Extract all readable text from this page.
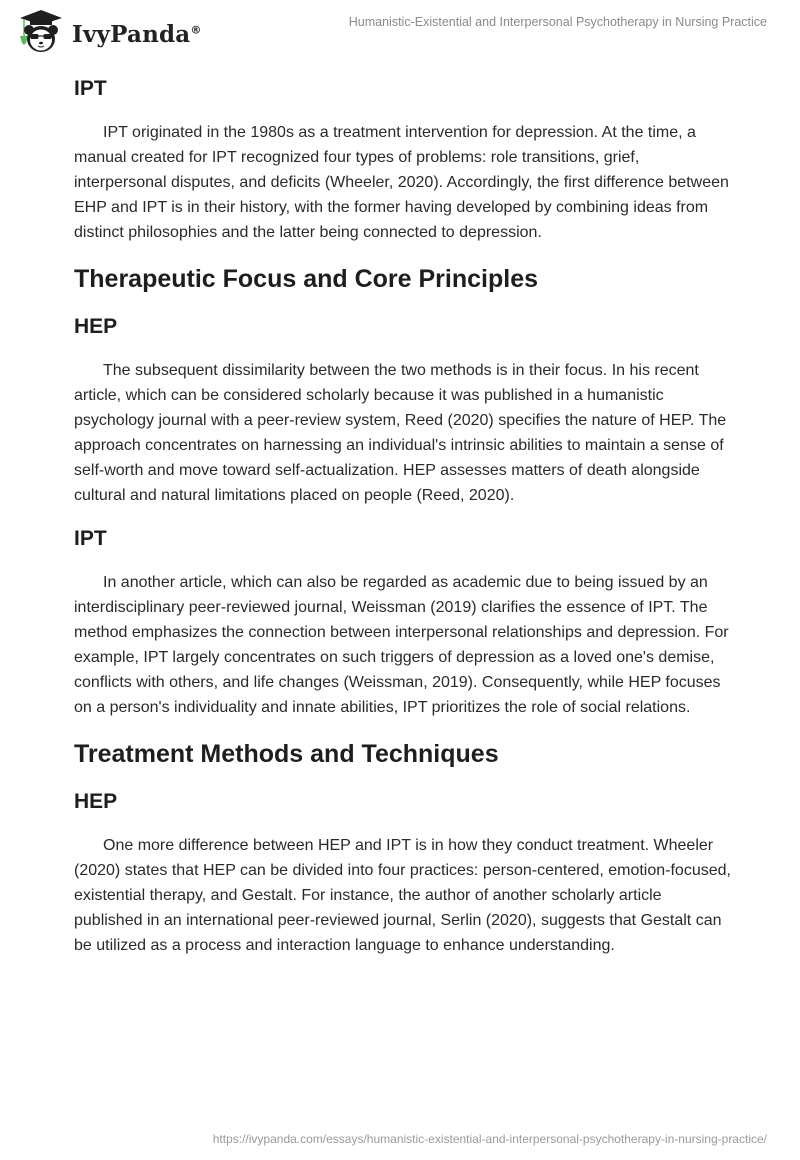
IvyPanda®
Humanistic-Existential and Interpersonal Psychotherapy in Nursing Practice
IPT

IPT originated in the 1980s as a treatment intervention for depression. At the time, a manual created for IPT recognized four types of problems: role transitions, grief, interpersonal disputes, and deficits (Wheeler, 2020). Accordingly, the first difference between EHP and IPT is in their history, with the former having developed by combining ideas from distinct philosophies and the latter being connected to depression.

Therapeutic Focus and Core Principles
HEP

The subsequent dissimilarity between the two methods is in their focus. In his recent article, which can be considered scholarly because it was published in a humanistic psychology journal with a peer-review system, Reed (2020) specifies the nature of HEP. The approach concentrates on harnessing an individual's intrinsic abilities to maintain a sense of self-worth and move toward self-actualization. HEP assesses matters of death alongside cultural and natural limitations placed on people (Reed, 2020).

IPT

In another article, which can also be regarded as academic due to being issued by an interdisciplinary peer-reviewed journal, Weissman (2019) clarifies the essence of IPT. The method emphasizes the connection between interpersonal relationships and depression. For example, IPT largely concentrates on such triggers of depression as a loved one's demise, conflicts with others, and life changes (Weissman, 2019). Consequently, while HEP focuses on a person's individuality and innate abilities, IPT prioritizes the role of social relations.

Treatment Methods and Techniques
HEP

One more difference between HEP and IPT is in how they conduct treatment. Wheeler (2020) states that HEP can be divided into four practices: person-centered, emotion-focused, existential therapy, and Gestalt. For instance, the author of another scholarly article published in an international peer-reviewed journal, Serlin (2020), suggests that Gestalt can be utilized as a process and interaction language to enhance understanding.

https://ivypanda.com/essays/humanistic-existential-and-interpersonal-psychotherapy-in-nursing-practice/
